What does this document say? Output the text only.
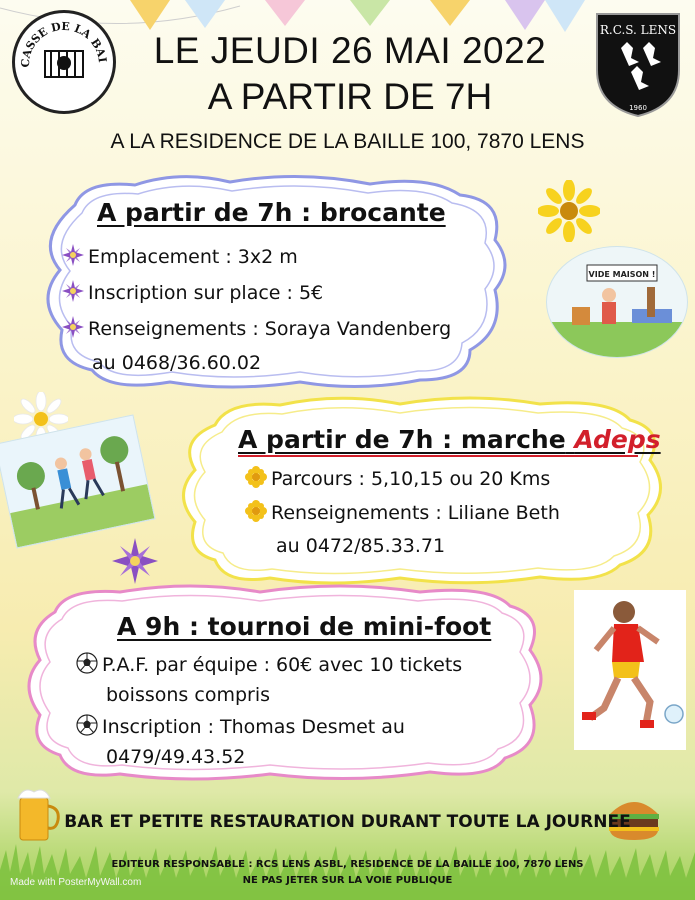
CASSE DE LA BAI
R.C.S. LENS
1960
LE JEUDI 26 MAI 2022
A PARTIR DE 7H
A LA RESIDENCE DE LA BAILLE 100, 7870 LENS
A partir de 7h : brocante
Emplacement : 3x2 m
Inscription sur place : 5€
Renseignements : Soraya Vandenberg
au 0468/36.60.02
A partir de 7h : marche Adeps
Parcours : 5,10,15 ou 20 Kms
Renseignements : Liliane Beth
au 0472/85.33.71
A 9h : tournoi de mini-foot
P.A.F. par équipe : 60€ avec 10 tickets
boissons compris
Inscription : Thomas Desmet au
0479/49.43.52
VIDE MAISON !
BAR ET PETITE RESTAURATION DURANT TOUTE LA JOURNEE
EDITEUR RESPONSABLE : RCS LENS ASBL, RESIDENCE DE LA BAILLE 100, 7870 LENS
NE PAS JETER SUR LA VOIE PUBLIQUE
Made with PosterMyWall.com
